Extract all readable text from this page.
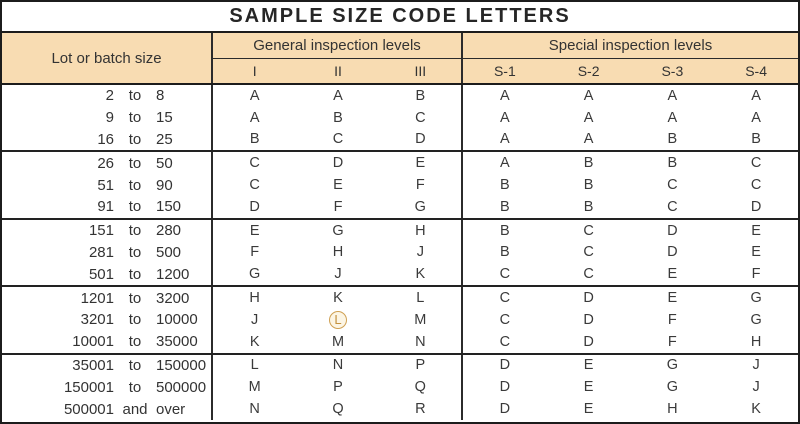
SAMPLE SIZE CODE LETTERS
Lot or batch size
General inspection levels	Special inspection levels
I	II	III	S-1	S-2	S-3	S-4
2 to 8	A	A	B	A	A	A	A
9 to 15	A	B	C	A	A	A	A
16 to 25	B	C	D	A	A	B	B
26 to 50	C	D	E	A	B	B	C
51 to 90	C	E	F	B	B	C	C
91 to 150	D	F	G	B	B	C	D
151 to 280	E	G	H	B	C	D	E
281 to 500	F	H	J	B	C	D	E
501 to 1200	G	J	K	C	C	E	F
1201 to 3200	H	K	L	C	D	E	G
3201 to 10000	J	L	M	C	D	F	G
10001 to 35000	K	M	N	C	D	F	H
35001 to 150000	L	N	P	D	E	G	J
150001 to 500000	M	P	Q	D	E	G	J
500001 and over	N	Q	R	D	E	H	K
